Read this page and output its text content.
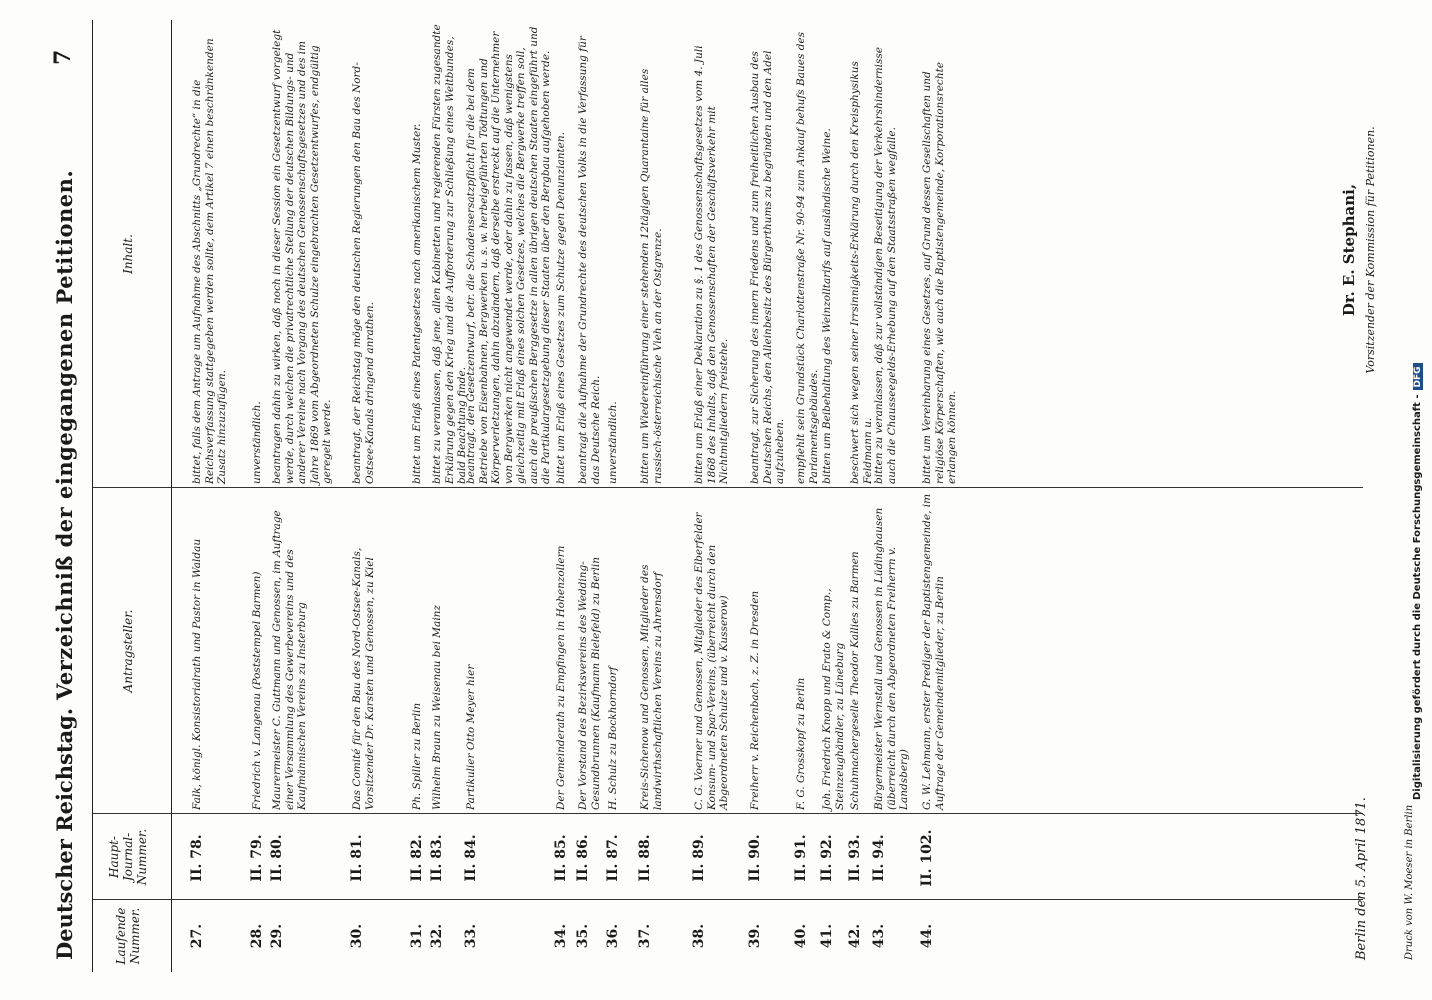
Deutscher Reichstag.
Verzeichniß der eingegangenen Petitionen.
7
Laufende Nummer.
Haupt-Journal-Nummer.
Antragsteller.
Inhalt.
27.
II. 78.
Falk, königl. Konsistorialrath und Pastor in Waldau
bittet, falls dem Antrage um Aufnahme des Abschnitts „Grundrechte“ in die Reichsverfassung stattgegeben werden sollte, dem Artikel 7 einen beschränkenden Zusatz hinzuzufügen.
28.
II. 79.
Friedrich v. Langenau (Poststempel Barmen)
unverständlich.
29.
II. 80.
Maurermeister C. Guttmann und Genossen, im Auftrage einer Versammlung des Gewerbevereins und des Kaufmännischen Vereins zu Insterburg
beantragen dahin zu wirken, daß noch in dieser Session ein Gesetzentwurf vorgelegt werde, durch welchen die privatrechtliche Stellung der deutschen Bildungs- und anderer Vereine nach Vorgang des deutschen Genossenschaftsgesetzes und des im Jahre 1869 vom Abgeordneten Schulze eingebrachten Gesetzentwurfes, endgültig geregelt werde.
30.
II. 81.
Das Comité für den Bau des Nord-Ostsee-Kanals, Vorsitzender Dr. Karsten und Genossen, zu Kiel
beantragt, der Reichstag möge den deutschen Regierungen den Bau des Nord-Ostsee-Kanals dringend anrathen.
31.
II. 82.
Ph. Spiller zu Berlin
bittet um Erlaß eines Patentgesetzes nach amerikanischem Muster.
32.
II. 83.
Wilhelm Braun zu Weisenau bei Mainz
bittet zu veranlassen, daß jene, allen Kabinetten und regierenden Fürsten zugesandte Erklärung gegen den Krieg und die Aufforderung zur Schließung eines Weltbundes, bald Beachtung finde.
33.
II. 84.
Partikulier Otto Meyer hier
beantragt, den Gesetzentwurf, betr. die Schadensersatzpflicht für die bei dem Betriebe von Eisenbahnen, Bergwerken u. s. w. herbeigeführten Tödtungen und Körperverletzungen, dahin abzuändern, daß derselbe erstreckt auf die Unternehmer von Bergwerken nicht angewendet werde, oder dahin zu fassen, daß wenigstens gleichzeitig mit Erlaß eines solchen Gesetzes, welches die Bergwerke treffen soll, auch die preußischen Berggesetze in allen übrigen deutschen Staaten eingeführt und die Partikulargesetzgebung dieser Staaten über den Bergbau aufgehoben werde.
34.
II. 85.
Der Gemeinderath zu Empfingen in Hohenzollern
bittet um Erlaß eines Gesetzes zum Schutze gegen Denunzianten.
35.
II. 86.
Der Vorstand des Bezirksvereins des Wedding-Gesundbrunnen (Kaufmann Bielefeld) zu Berlin
beantragt die Aufnahme der Grundrechte des deutschen Volks in die Verfassung für das Deutsche Reich.
36.
II. 87.
H. Schulz zu Bockhorndorf
unverständlich.
37.
II. 88.
Kreis-Sichenow und Genossen, Mitglieder des landwirthschaftlichen Vereins zu Ahrensdorf
bitten um Wiedereinführung einer stehenden 12tägigen Quarantaine für alles russisch-österreichische Vieh an der Ostgrenze.
38.
II. 89.
C. G. Voerner und Genossen, Mitglieder des Elberfelder Konsum- und Spar-Vereins, (überreicht durch den Abgeordneten Schulze und v. Kusserow)
bitten um Erlaß einer Deklaration zu §. 1 des Genossenschaftsgesetzes vom 4. Juli 1868 des Inhalts, daß den Genossenschaften der Geschäftsverkehr mit Nichtmitgliedern freistehe.
39.
II. 90.
Freiherr v. Reichenbach, z. Z. in Dresden
beantragt, zur Sicherung des innern Friedens und zum freiheitlichen Ausbau des Deutschen Reichs, den Alleinbesitz des Bürgerthums zu begründen und den Adel aufzuheben.
40.
II. 91.
F. G. Grosskopf zu Berlin
empfiehlt sein Grundstück Charlottenstraße Nr. 90-94 zum Ankauf behufs Baues des Parlamentsgebäudes.
41.
II. 92.
Joh. Friedrich Knopp und Erato & Comp., Steinzeughändler, zu Lüneburg
bitten um Beibehaltung des Weinzolltarifs auf ausländische Weine.
42.
II. 93.
Schuhmachergeselle Theodor Kallies zu Barmen
beschwert sich wegen seiner Irrsinnigkeits-Erklärung durch den Kreisphysikus Feldmann u.
43.
II. 94.
Bürgermeister Wernstall und Genossen in Lüdinghausen (überreicht durch den Abgeordneten Freiherrn v. Landsberg)
bitten zu veranlassen, daß zur vollständigen Beseitigung der Verkehrshindernisse auch die Chausseegelds-Erhebung auf den Staatsstraßen wegfalle.
44.
II. 102.
G. W. Lehmann, erster Prediger der Baptistengemeinde, im Auftrage der Gemeindemitglieder, zu Berlin
bittet um Vereinbarung eines Gesetzes, auf Grund dessen Gesellschaften und religiöse Körperschaften, wie auch die Baptistengemeinde, Korporationsrechte erlangen können.
Berlin den 5. April 1871.
Dr. E. Stephani, Vorsitzender der Kommission für Petitionen.
Druck von W. Moeser in Berlin
Digitalisierung gefördert durch die Deutsche Forschungsgemeinschaft -DFG
